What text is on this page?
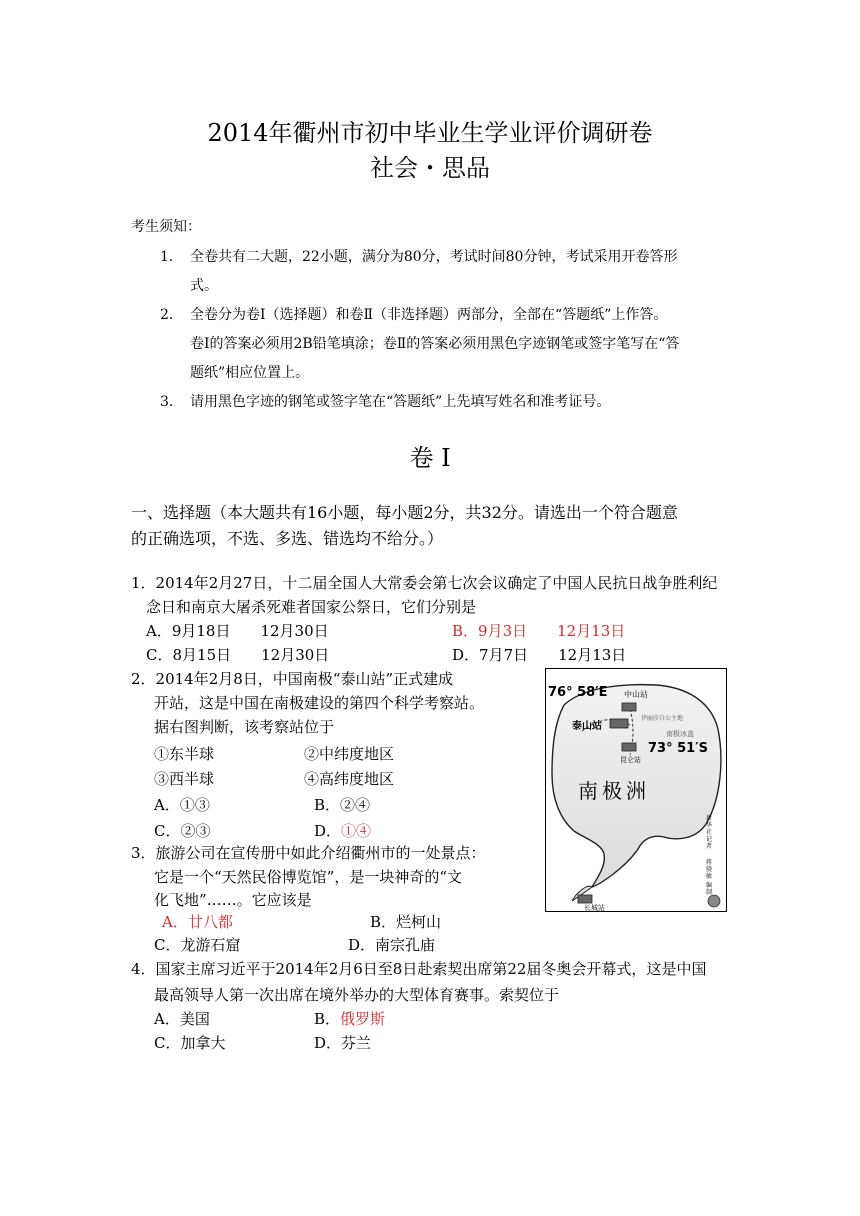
2014年衢州市初中毕业生学业评价调研卷
社会・思品
考生须知：
1． 全卷共有二大题，22小题，满分为80分，考试时间80分钟，考试采用开卷答形
式。
2． 全卷分为卷Ⅰ（选择题）和卷Ⅱ（非选择题）两部分，全部在“答题纸”上作答。
卷Ⅰ的答案必须用2B铅笔填涂；卷Ⅱ的答案必须用黑色字迹钢笔或签字笔写在“答
题纸”相应位置上。
3． 请用黑色字迹的钢笔或签字笔在“答题纸”上先填写姓名和准考证号。
卷 Ⅰ
一、选择题（本大题共有16小题，每小题2分，共32分。请选出一个符合题意
的正确选项，不选、多选、错选均不给分。）
1．2014年2月27日，十二届全国人大常委会第七次会议确定了中国人民抗日战争胜利纪
念日和南京大屠杀死难者国家公祭日，它们分别是
A．9月18日　　12月30日	B．9月3日　　12月13日
C．8月15日　　12月30日	D．7月7日　　12月13日
2．2014年2月8日，中国南极“泰山站”正式建成
开站，这是中国在南极建设的第四个科学考察站。
据右图判断，该考察站位于
①东半球	②中纬度地区
③西半球	④高纬度地区
A．①③	B．②④
C．②③	D．①④
76° 58′E 中山站
泰山站
伊丽莎白公主地
南极冰盖
73° 51′S
昆仑站
南极洲
长城站
新华社记者
蒋骁敏
编制
3．旅游公司在宣传册中如此介绍衢州市的一处景点：
它是一个“天然民俗博览馆”，是一块神奇的“文
化飞地”……。它应该是
A．廿八都	B．烂柯山
C．龙游石窟	D．南宗孔庙
4．国家主席习近平于2014年2月6日至8日赴索契出席第22届冬奥会开幕式，这是中国
最高领导人第一次出席在境外举办的大型体育赛事。索契位于
A．美国	B．俄罗斯
C．加拿大	D．芬兰
